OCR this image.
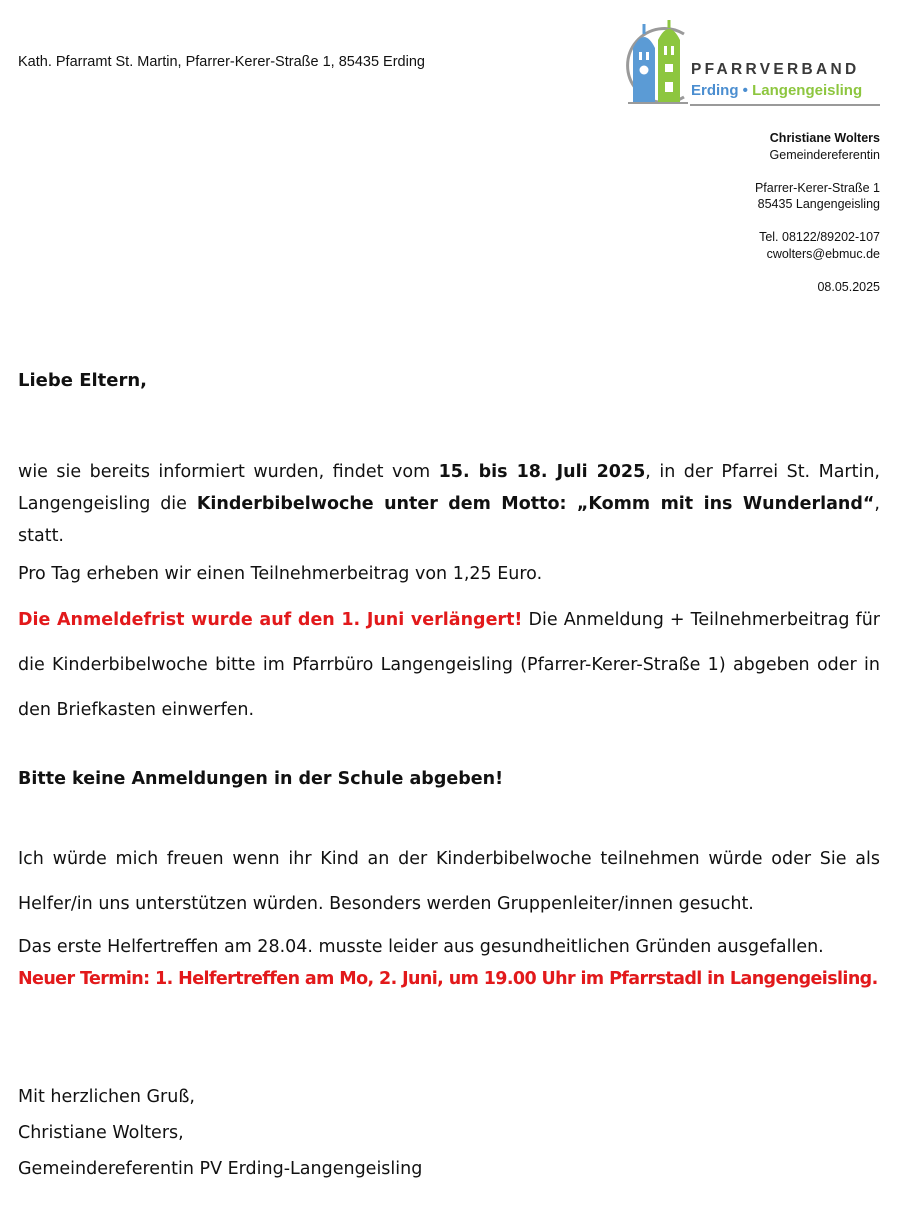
Kath. Pfarramt St. Martin, Pfarrer-Kerer-Straße 1, 85435 Erding	PFARRVERBAND
Erding • Langengeisling
Christiane Wolters
Gemeindereferentin
Pfarrer-Kerer-Straße 1
85435 Langengeisling
Tel. 08122/89202-107
cwolters@ebmuc.de
08.05.2025
Liebe Eltern,

wie sie bereits informiert wurden, findet vom 15. bis 18. Juli 2025, in der Pfarrei St. Martin, Langengeisling die Kinderbibelwoche unter dem Motto: „Komm mit ins Wunderland“, statt.

Pro Tag erheben wir einen Teilnehmerbeitrag von 1,25 Euro.

Die Anmeldefrist wurde auf den 1. Juni verlängert! Die Anmeldung + Teilnehmerbeitrag für die Kinderbibelwoche bitte im Pfarrbüro Langengeisling (Pfarrer-Kerer-Straße 1) abgeben oder in den Briefkasten einwerfen.

Bitte keine Anmeldungen in der Schule abgeben!

Ich würde mich freuen wenn ihr Kind an der Kinderbibelwoche teilnehmen würde oder Sie als Helfer/in uns unterstützen würden. Besonders werden Gruppenleiter/innen gesucht.

Das erste Helfertreffen am 28.04. musste leider aus gesundheitlichen Gründen ausgefallen.

Neuer Termin: 1. Helfertreffen am Mo, 2. Juni, um 19.00 Uhr im Pfarrstadl in Langengeisling.

Mit herzlichen Gruß,
Christiane Wolters,
Gemeindereferentin PV Erding-Langengeisling
